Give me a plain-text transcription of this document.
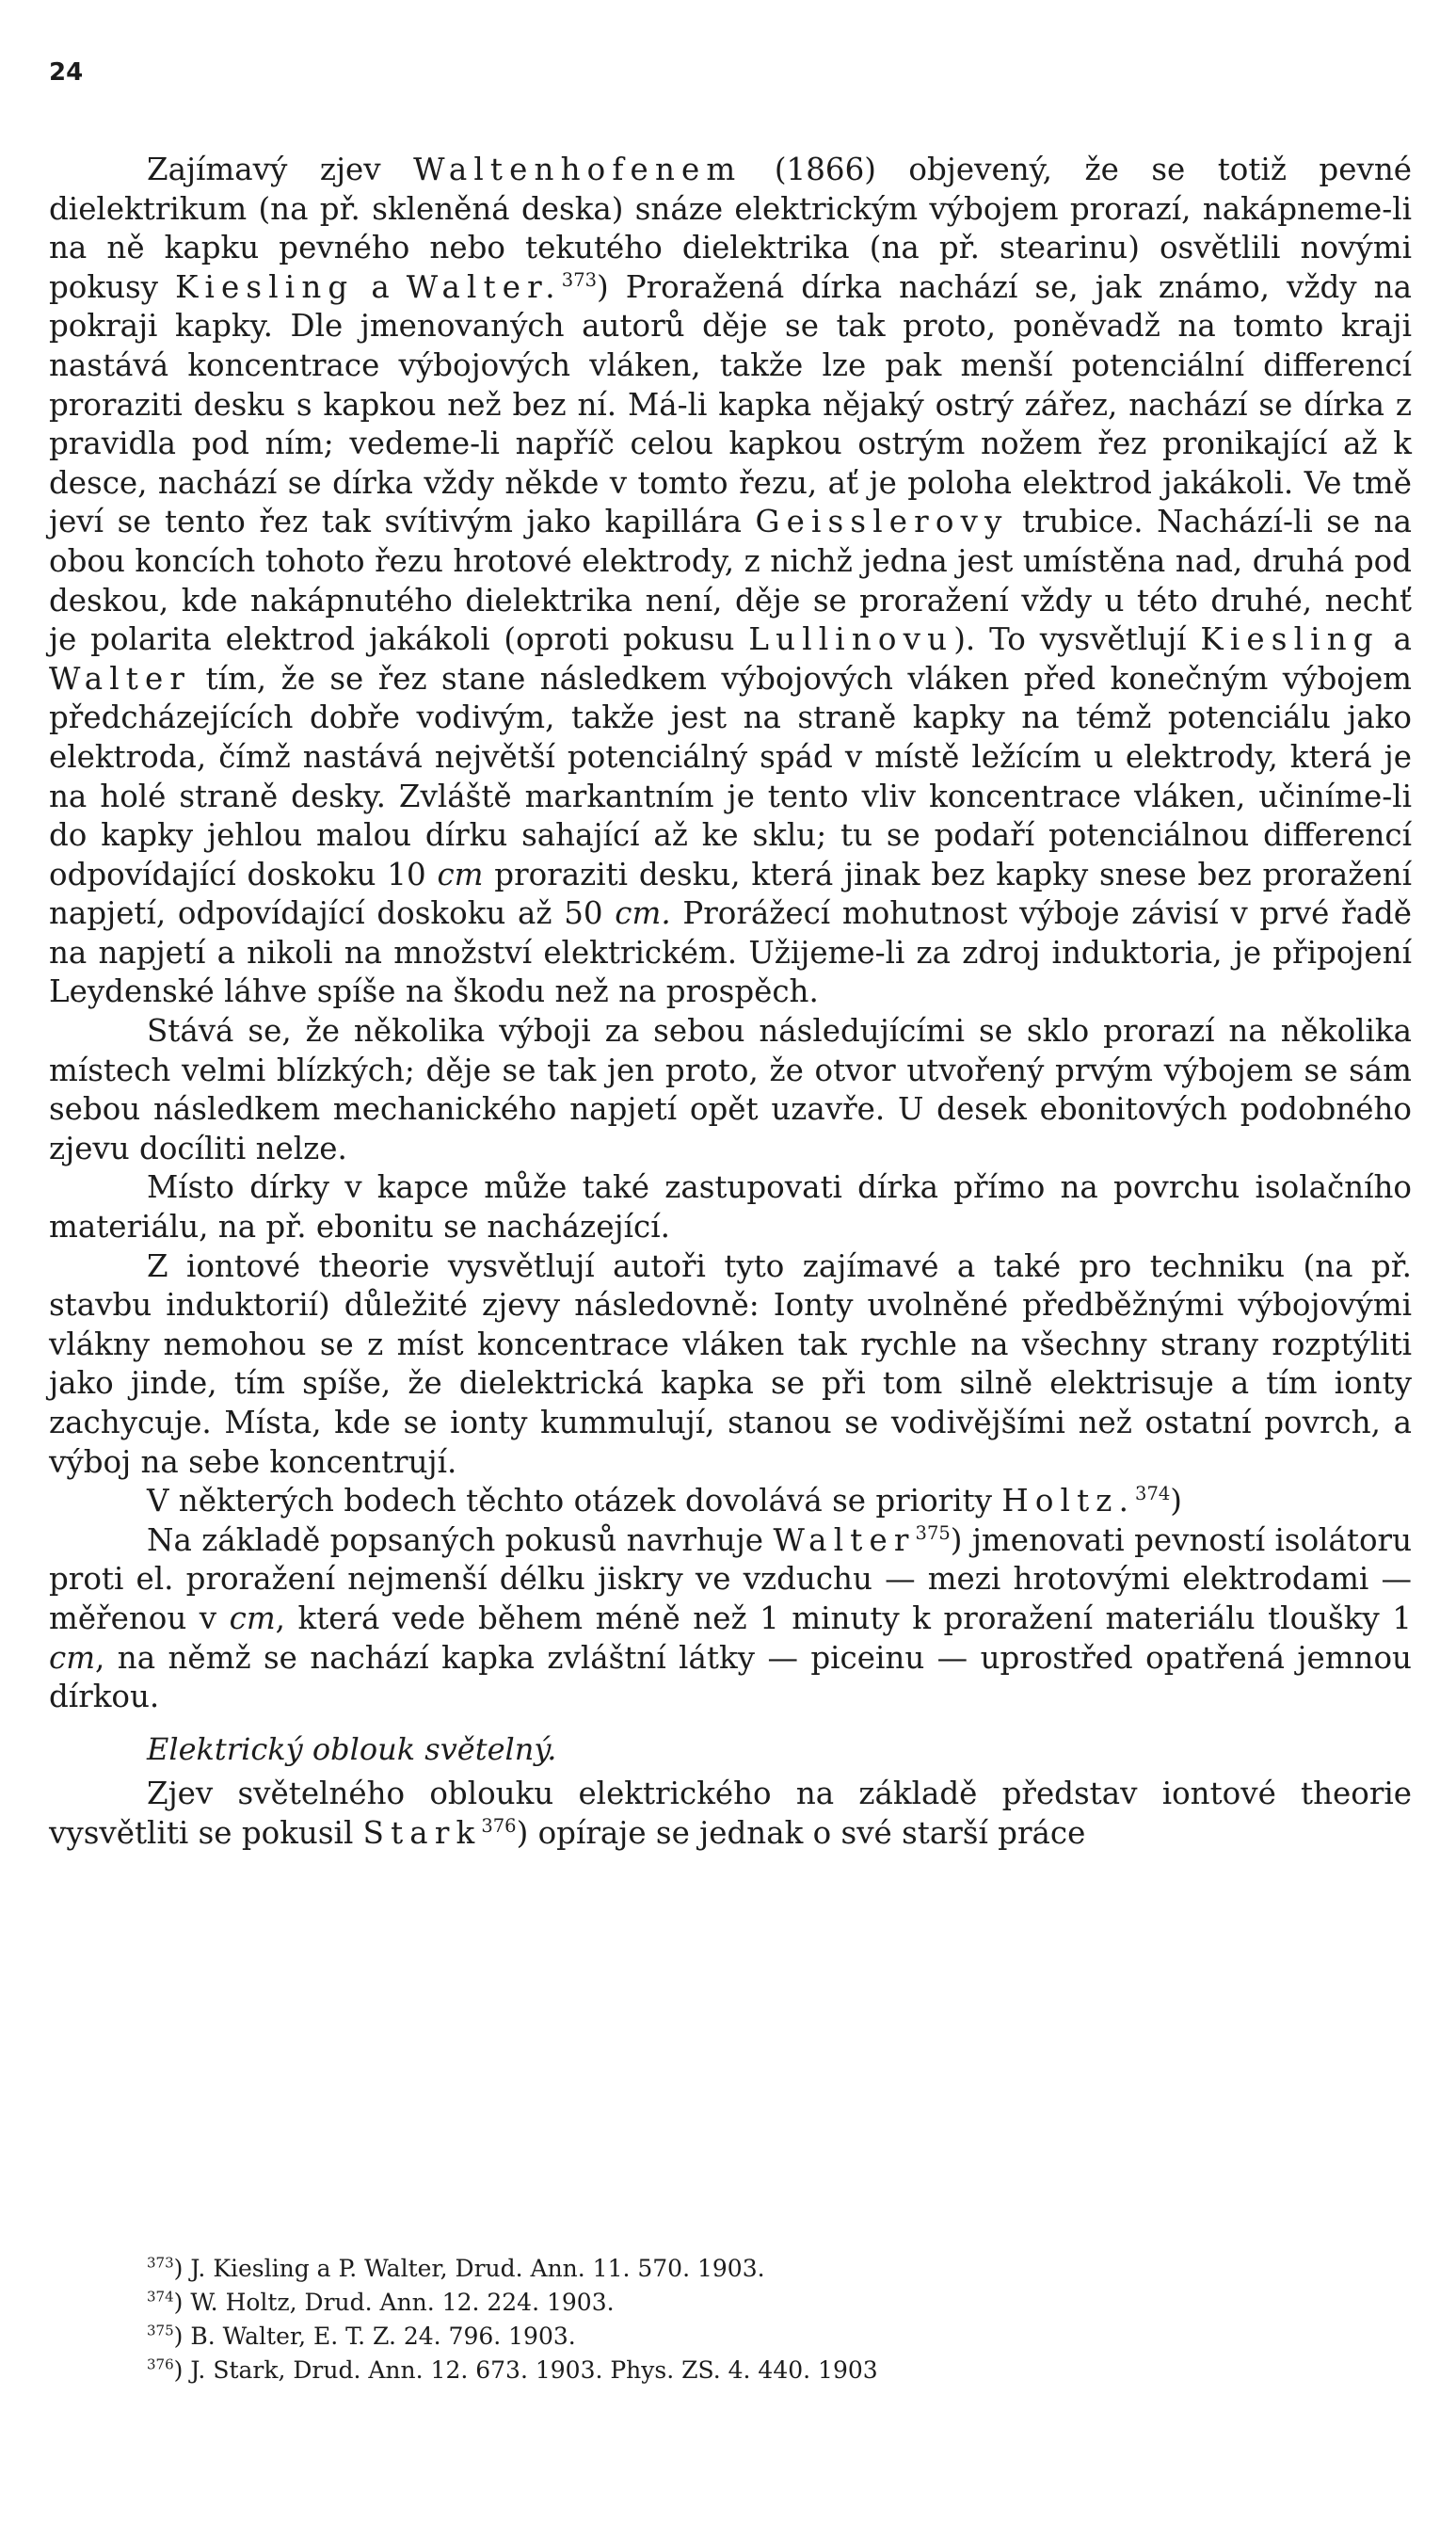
24

Zajímavý zjev Waltenhofenem (1866) objevený, že se totiž pevné dielektrikum (na př. skleněná deska) snáze elektrickým výbojem prorazí, nakápneme-li na ně kapku pevného nebo tekutého dielektrika (na př. stearinu) osvětlili novými pokusy Kiesling a Walter.$^{373}$) Proražená dírka nachází se, jak známo, vždy na pokraji kapky. Dle jmenovaných autorů děje se tak proto, poněvadž na tomto kraji nastává koncentrace výbojových vláken, takže lze pak menší potenciální differencí proraziti desku s kapkou než bez ní. Má-li kapka nějaký ostrý zářez, nachází se dírka z pravidla pod ním; vedeme-li napříč celou kapkou ostrým nožem řez pronikající až k desce, nachází se dírka vždy někde v tomto řezu, ať je poloha elektrod jakákoli. Ve tmě jeví se tento řez tak svítivým jako kapillára Geisslerovy trubice. Nachází-li se na obou koncích tohoto řezu hrotové elektrody, z nichž jedna jest umístěna nad, druhá pod deskou, kde nakápnutého dielektrika není, děje se proražení vždy u této druhé, nechť je polarita elektrod jakákoli (oproti pokusu Lullinovu). To vysvětlují Kiesling a Walter tím, že se řez stane následkem výbojových vláken před konečným výbojem předcházejících dobře vodivým, takže jest na straně kapky na témž potenciálu jako elektroda, čímž nastává největší potenciálný spád v místě ležícím u elektrody, která je na holé straně desky. Zvláště markantním je tento vliv koncentrace vláken, učiníme-li do kapky jehlou malou dírku sahající až ke sklu; tu se podaří potenciálnou differencí odpovídající doskoku 10 cm proraziti desku, která jinak bez kapky snese bez proražení napjetí, odpovídající doskoku až 50 cm. Prorážecí mohutnost výboje závisí v prvé řadě na napjetí a nikoli na množství elektrickém. Užijeme-li za zdroj induktoria, je připojení Leydenské láhve spíše na škodu než na prospěch.

Stává se, že několika výboji za sebou následujícími se sklo prorazí na několika místech velmi blízkých; děje se tak jen proto, že otvor utvořený prvým výbojem se sám sebou následkem mechanického napjetí opět uzavře. U desek ebonitových podobného zjevu docíliti nelze.

Místo dírky v kapce může také zastupovati dírka přímo na povrchu isolačního materiálu, na př. ebonitu se nacházející.

Z iontové theorie vysvětlují autoři tyto zajímavé a také pro techniku (na př. stavbu induktorií) důležité zjevy následovně: Ionty uvolněné předběžnými výbojovými vlákny nemohou se z míst koncentrace vláken tak rychle na všechny strany rozptýliti jako jinde, tím spíše, že dielektrická kapka se při tom silně elektrisuje a tím ionty zachycuje. Místa, kde se ionty kummulují, stanou se vodivějšími než ostatní povrch, a výboj na sebe koncentrují.

V některých bodech těchto otázek dovolává se priority Holtz.$^{374}$)

Na základě popsaných pokusů navrhuje Walter$^{375}$) jmenovati pevností isolátoru proti el. proražení nejmenší délku jiskry ve vzduchu — mezi hrotovými elektrodami — měřenou v cm, která vede během méně než 1 minuty k proražení materiálu tloušky 1 cm, na němž se nachází kapka zvláštní látky — piceinu — uprostřed opatřená jemnou dírkou.

Elektrický oblouk světelný.

Zjev světelného oblouku elektrického na základě představ iontové theorie vysvětliti se pokusil Stark$^{376}$) opíraje se jednak o své starší práce

$^{373}$) J. Kiesling a P. Walter, Drud. Ann. 11. 570. 1903.

$^{374}$) W. Holtz, Drud. Ann. 12. 224. 1903.

$^{375}$) B. Walter, E. T. Z. 24. 796. 1903.

$^{376}$) J. Stark, Drud. Ann. 12. 673. 1903. Phys. ZS. 4. 440. 1903
